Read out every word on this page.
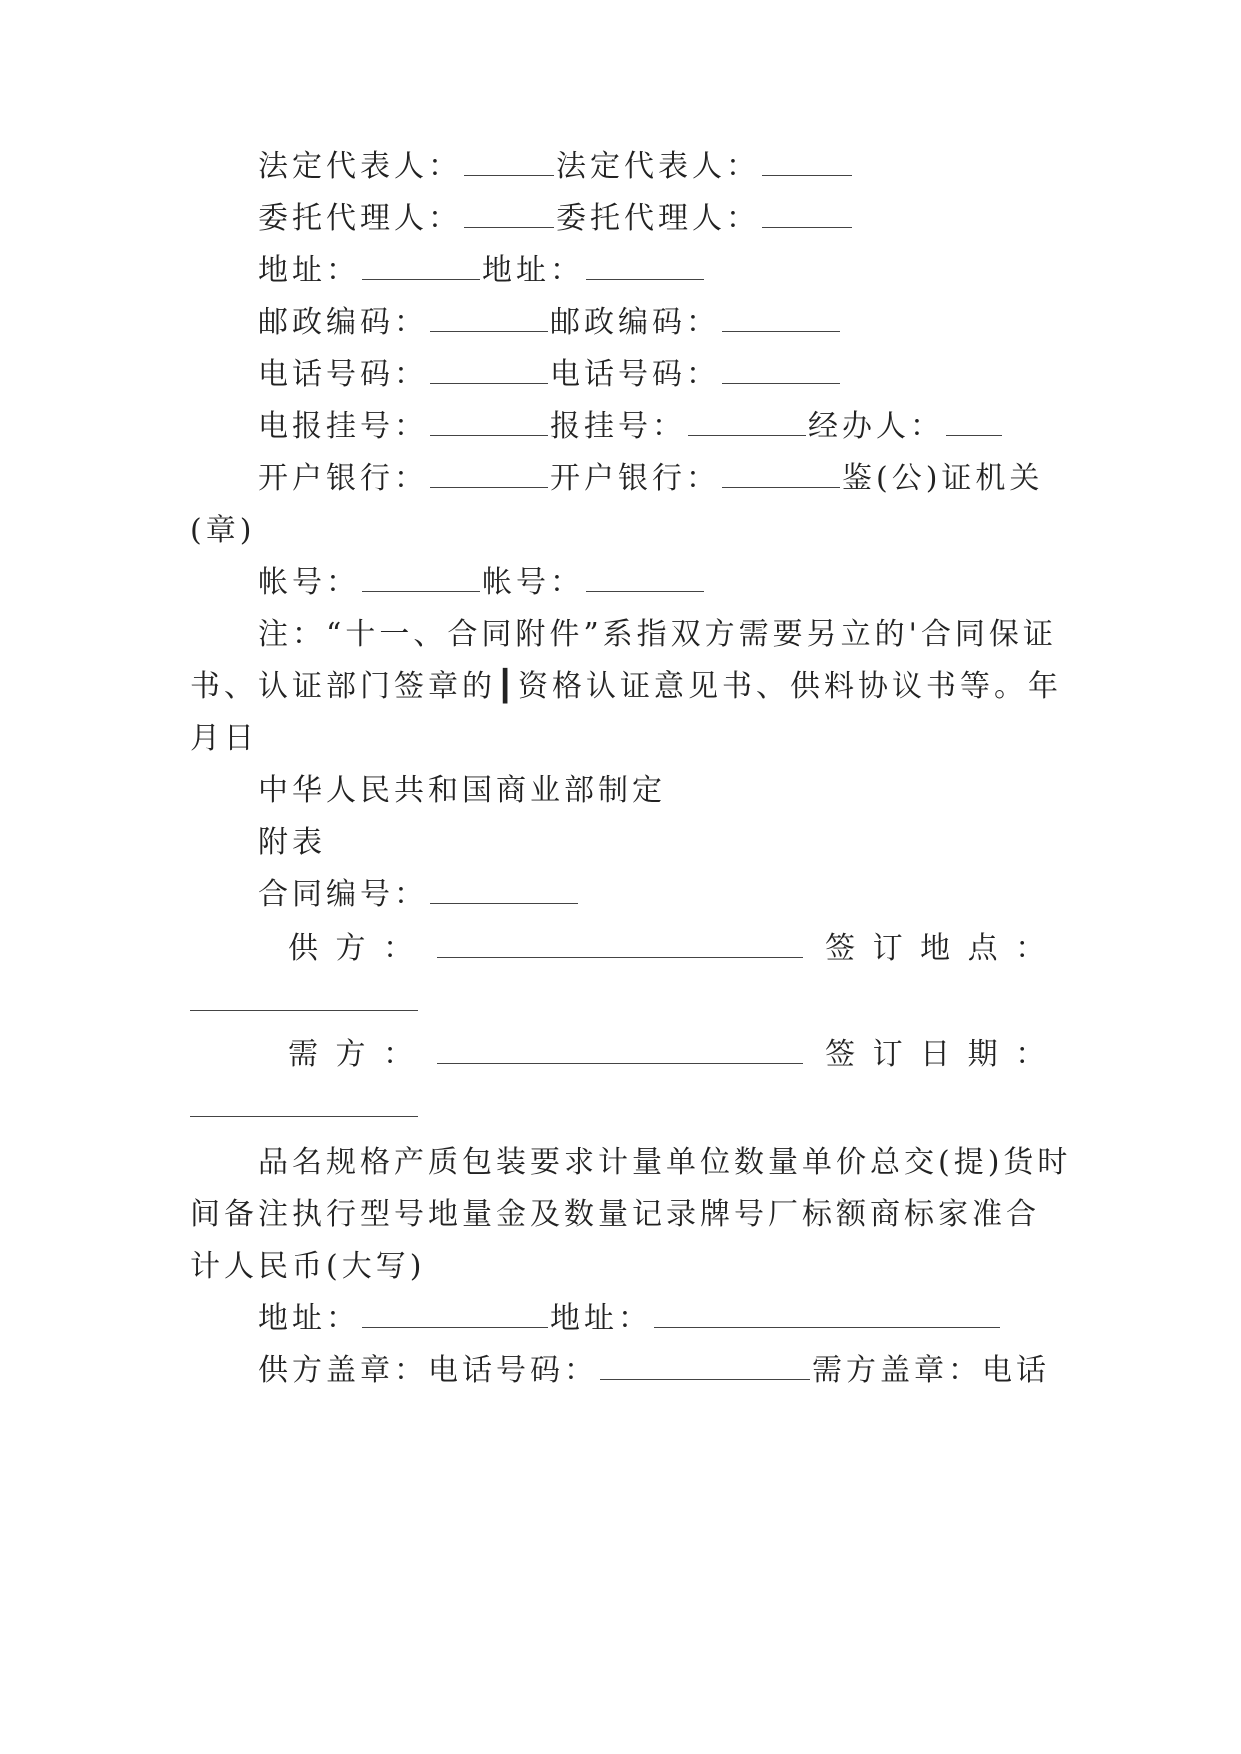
法定代表人：	法定代表人：
委托代理人：	委托代理人：
地址：	地址：
邮政编码：	邮政编码：
电话号码：	电话号码：
电报挂号：	报挂号：	经办人：
开户银行：	开户银行：	鉴(公)证机关
(章)
帐号：	帐号：
注：“十一、合同附件”系指双方需要另立的'合同保证
书、认证部门签章的┃资格认证意见书、供料协议书等。年
月日
中华人民共和国商业部制定
附表
合同编号：
供 方 ：	签 订 地 点 ：
需 方 ：	签 订 日 期 ：
品名规格产质包装要求计量单位数量单价总交(提)货时
间备注执行型号地量金及数量记录牌号厂标额商标家准合
计人民币(大写)
地址：	地址：
供方盖章：电话号码：	需方盖章：电话
